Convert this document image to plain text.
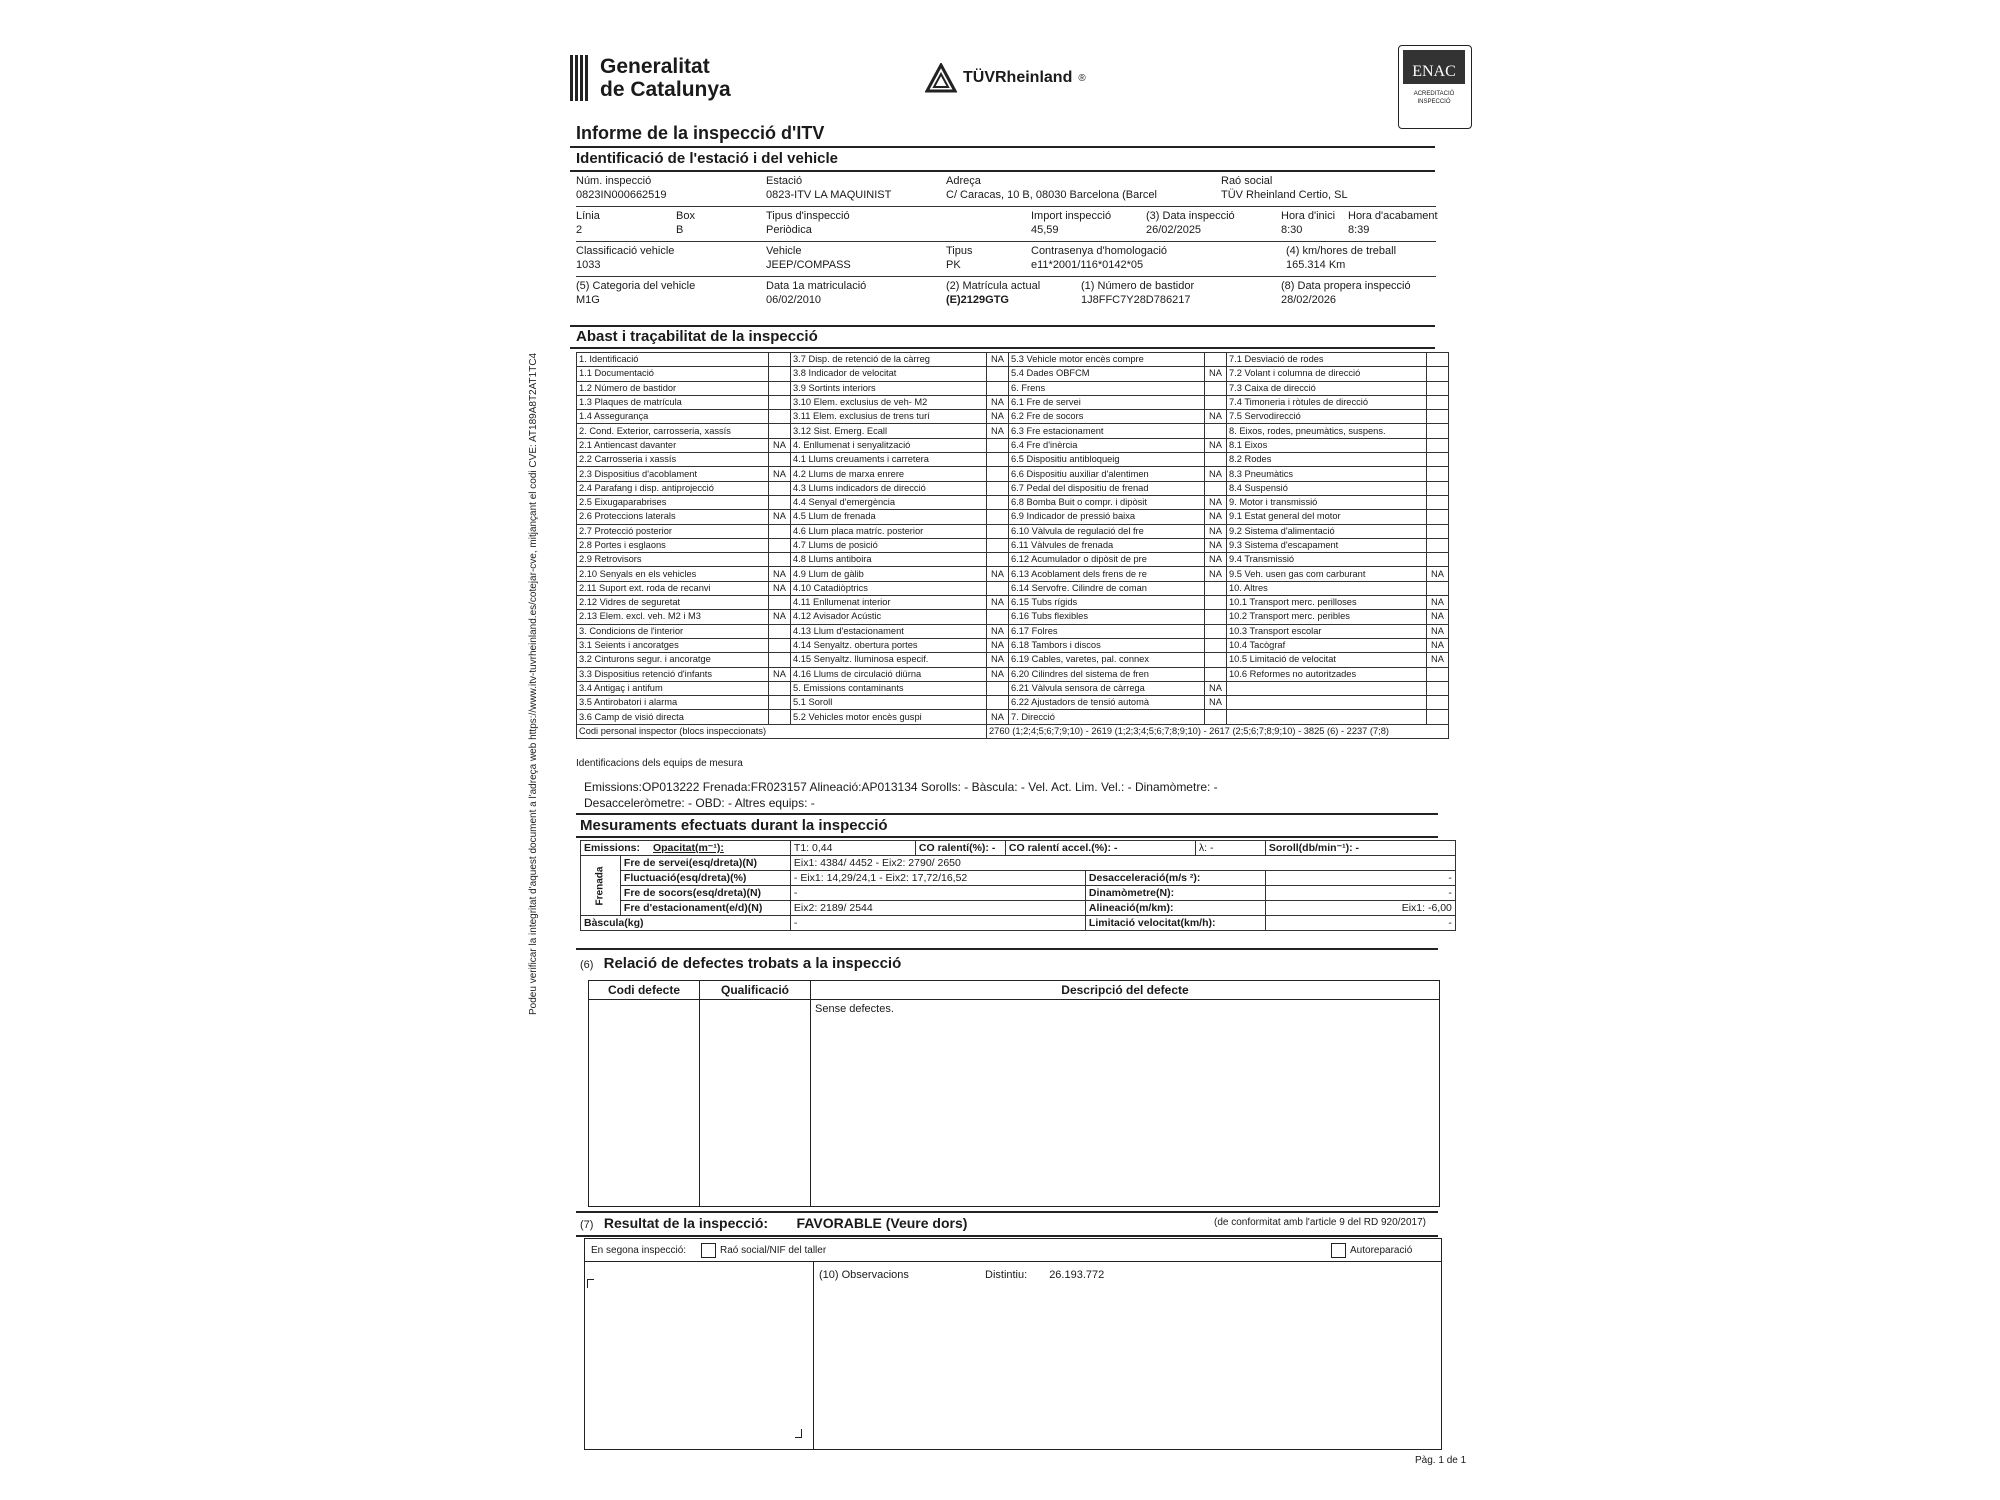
Podeu verificar la integritat d'aquest document a l'adreça web https://www.itv-tuvrheinland.es/cotejar-cve, mitjançant el codi CVE: AT189A8T2AT1TC4
Generalitat
de Catalunya
TÜVRheinland ®	ENAC
ACREDITACIÓ INSPECCIÓ
Informe de la inspecció d'ITV
Identificació de l'estació i del vehicle
Núm. inspecció
0823IN000662519
Estació
0823-ITV LA MAQUINIST
Adreça
C/ Caracas, 10 B, 08030 Barcelona (Barcel
Raó social
TÜV Rheinland Certio, SL
Línia
2
Box
B
Tipus d'inspecció
Periòdica
Import inspecció
45,59
(3) Data inspecció
26/02/2025
Hora d'inici
8:30
Hora d'acabament
8:39
Classificació vehicle
1033
Vehicle
JEEP/COMPASS
Tipus
PK
Contrasenya d'homologació
e11*2001/116*0142*05
(4) km/hores de treball
165.314 Km
(5) Categoria del vehicle
M1G
Data 1a matriculació
06/02/2010
(2) Matrícula actual
(E)2129GTG
(1) Número de bastidor
1J8FFC7Y28D786217
(8) Data propera inspecció
28/02/2026
Abast i traçabilitat de la inspecció
1. Identificació		3.7 Disp. de retenció de la càrreg	NA	5.3 Vehicle motor encès compre		7.1 Desviació de rodes	
1.1 Documentació		3.8 Indicador de velocitat		5.4 Dades OBFCM	NA	7.2 Volant i columna de direcció	
1.2 Número de bastidor		3.9 Sortints interiors		6. Frens		7.3 Caixa de direcció	
1.3 Plaques de matrícula		3.10 Elem. exclusius de veh- M2	NA	6.1 Fre de servei		7.4 Timoneria i ròtules de direcció	
1.4 Assegurança		3.11 Elem. exclusius de trens turí	NA	6.2 Fre de socors	NA	7.5 Servodirecció	
2. Cond. Exterior, carrosseria, xassís		3.12 Sist. Emerg. Ecall	NA	6.3 Fre estacionament		8. Eixos, rodes, pneumàtics, suspens.	
2.1 Antiencast davanter	NA	4. Enllumenat i senyalització		6.4 Fre d'inèrcia	NA	8.1 Eixos	
2.2 Carrosseria i xassís		4.1 Llums creuaments i carretera		6.5 Dispositiu antibloqueig		8.2 Rodes	
2.3 Dispositius d'acoblament	NA	4.2 Llums de marxa enrere		6.6 Dispositiu auxiliar d'alentimen	NA	8.3 Pneumàtics	
2.4 Parafang i disp. antiprojecció		4.3 Llums indicadors de direcció		6.7 Pedal del dispositiu de frenad		8.4 Suspensió	
2.5 Eixugaparabrises		4.4 Senyal d'emergència		6.8 Bomba Buit o compr. i dipòsit	NA	9. Motor i transmissió	
2.6 Proteccions laterals	NA	4.5 Llum de frenada		6.9 Indicador de pressió baixa	NA	9.1 Estat general del motor	
2.7 Protecció posterior		4.6 Llum placa matríc. posterior		6.10 Vàlvula de regulació del fre	NA	9.2 Sistema d'alimentació	
2.8 Portes i esglaons		4.7 Llums de posició		6.11 Vàlvules de frenada	NA	9.3 Sistema d'escapament	
2.9 Retrovisors		4.8 Llums antiboira		6.12 Acumulador o dipòsit de pre	NA	9.4 Transmissió	
2.10 Senyals en els vehicles	NA	4.9 Llum de gàlib	NA	6.13 Acoblament dels frens de re	NA	9.5 Veh. usen gas com carburant	NA
2.11 Suport ext. roda de recanvi	NA	4.10 Catadiòptrics		6.14 Servofre. Cilindre de coman		10. Altres	
2.12 Vidres de seguretat		4.11 Enllumenat interior	NA	6.15 Tubs rígids		10.1 Transport merc. perilloses	NA
2.13 Elem. excl. veh. M2 i M3	NA	4.12 Avisador Acústic		6.16 Tubs flexibles		10.2 Transport merc. peribles	NA
3. Condicions de l'interior		4.13 Llum d'estacionament	NA	6.17 Folres		10.3 Transport escolar	NA
3.1 Seients i ancoratges		4.14 Senyaltz. obertura portes	NA	6.18 Tambors i discos		10.4 Tacògraf	NA
3.2 Cinturons segur. i ancoratge		4.15 Senyaltz. lluminosa especif.	NA	6.19 Cables, varetes, pal. connex		10.5 Limitació de velocitat	NA
3.3 Dispositius retenció d'infants	NA	4.16 Llums de circulació diürna	NA	6.20 Cilindres del sistema de fren		10.6 Reformes no autoritzades	
3.4 Antigaç i antifum		5. Emissions contaminants		6.21 Vàlvula sensora de càrrega	NA		
3.5 Antirobatori i alarma		5.1 Soroll		6.22 Ajustadors de tensió automà	NA		
3.6 Camp de visió directa		5.2 Vehicles motor encès guspi	NA	7. Direcció			
Codi personal inspector (blocs inspeccionats)			2760 (1;2;4;5;6;7;9;10) - 2619 (1;2;3;4;5;6;7;8;9;10) - 2617 (2;5;6;7;8;9;10) - 3825 (6) - 2237 (7;8)				
Identificacions dels equips de mesura
Emissions:OP013222 Frenada:FR023157 Alineació:AP013134 Sorolls: - Bàscula: - Vel. Act. Lim. Vel.: - Dinamòmetre: -
Desacceleròmetre: - OBD: - Altres equips: -
Mesuraments efectuats durant la inspecció
Emissions: Opacitat(m⁻¹):		T1: 0,44	CO ralentí(%): -	CO ralentí accel.(%): -		λ: -	Soroll(db/min⁻¹): -

Frenada	Fre de servei(esq/dreta)(N)	Eix1: 4384/ 4452 - Eix2: 2790/ 2650					
	Fluctuació(esq/dreta)(%)	- Eix1: 14,29/24,1 - Eix2: 17,72/16,52			Desacceleració(m/s ²):		-
	Fre de socors(esq/dreta)(N)	-			Dinamòmetre(N):		-
	Fre d'estacionament(e/d)(N)	Eix2: 2189/ 2544			Alineació(m/km):		Eix1: -6,00
Bàscula(kg)		-			Limitació velocitat(km/h):		-
(6) Relació de defectes trobats a la inspecció
Codi defecte	Qualificació	Descripció del defecte
Sense defectes.
(7) Resultat de la inspecció: FAVORABLE (Veure dors)	(de conformitat amb l'article 9 del RD 920/2017)
En segona inspecció:	Raó social/NIF del taller	Autoreparació
(10) Observacions	Distintiu: 26.193.772
Pàg. 1 de 1
